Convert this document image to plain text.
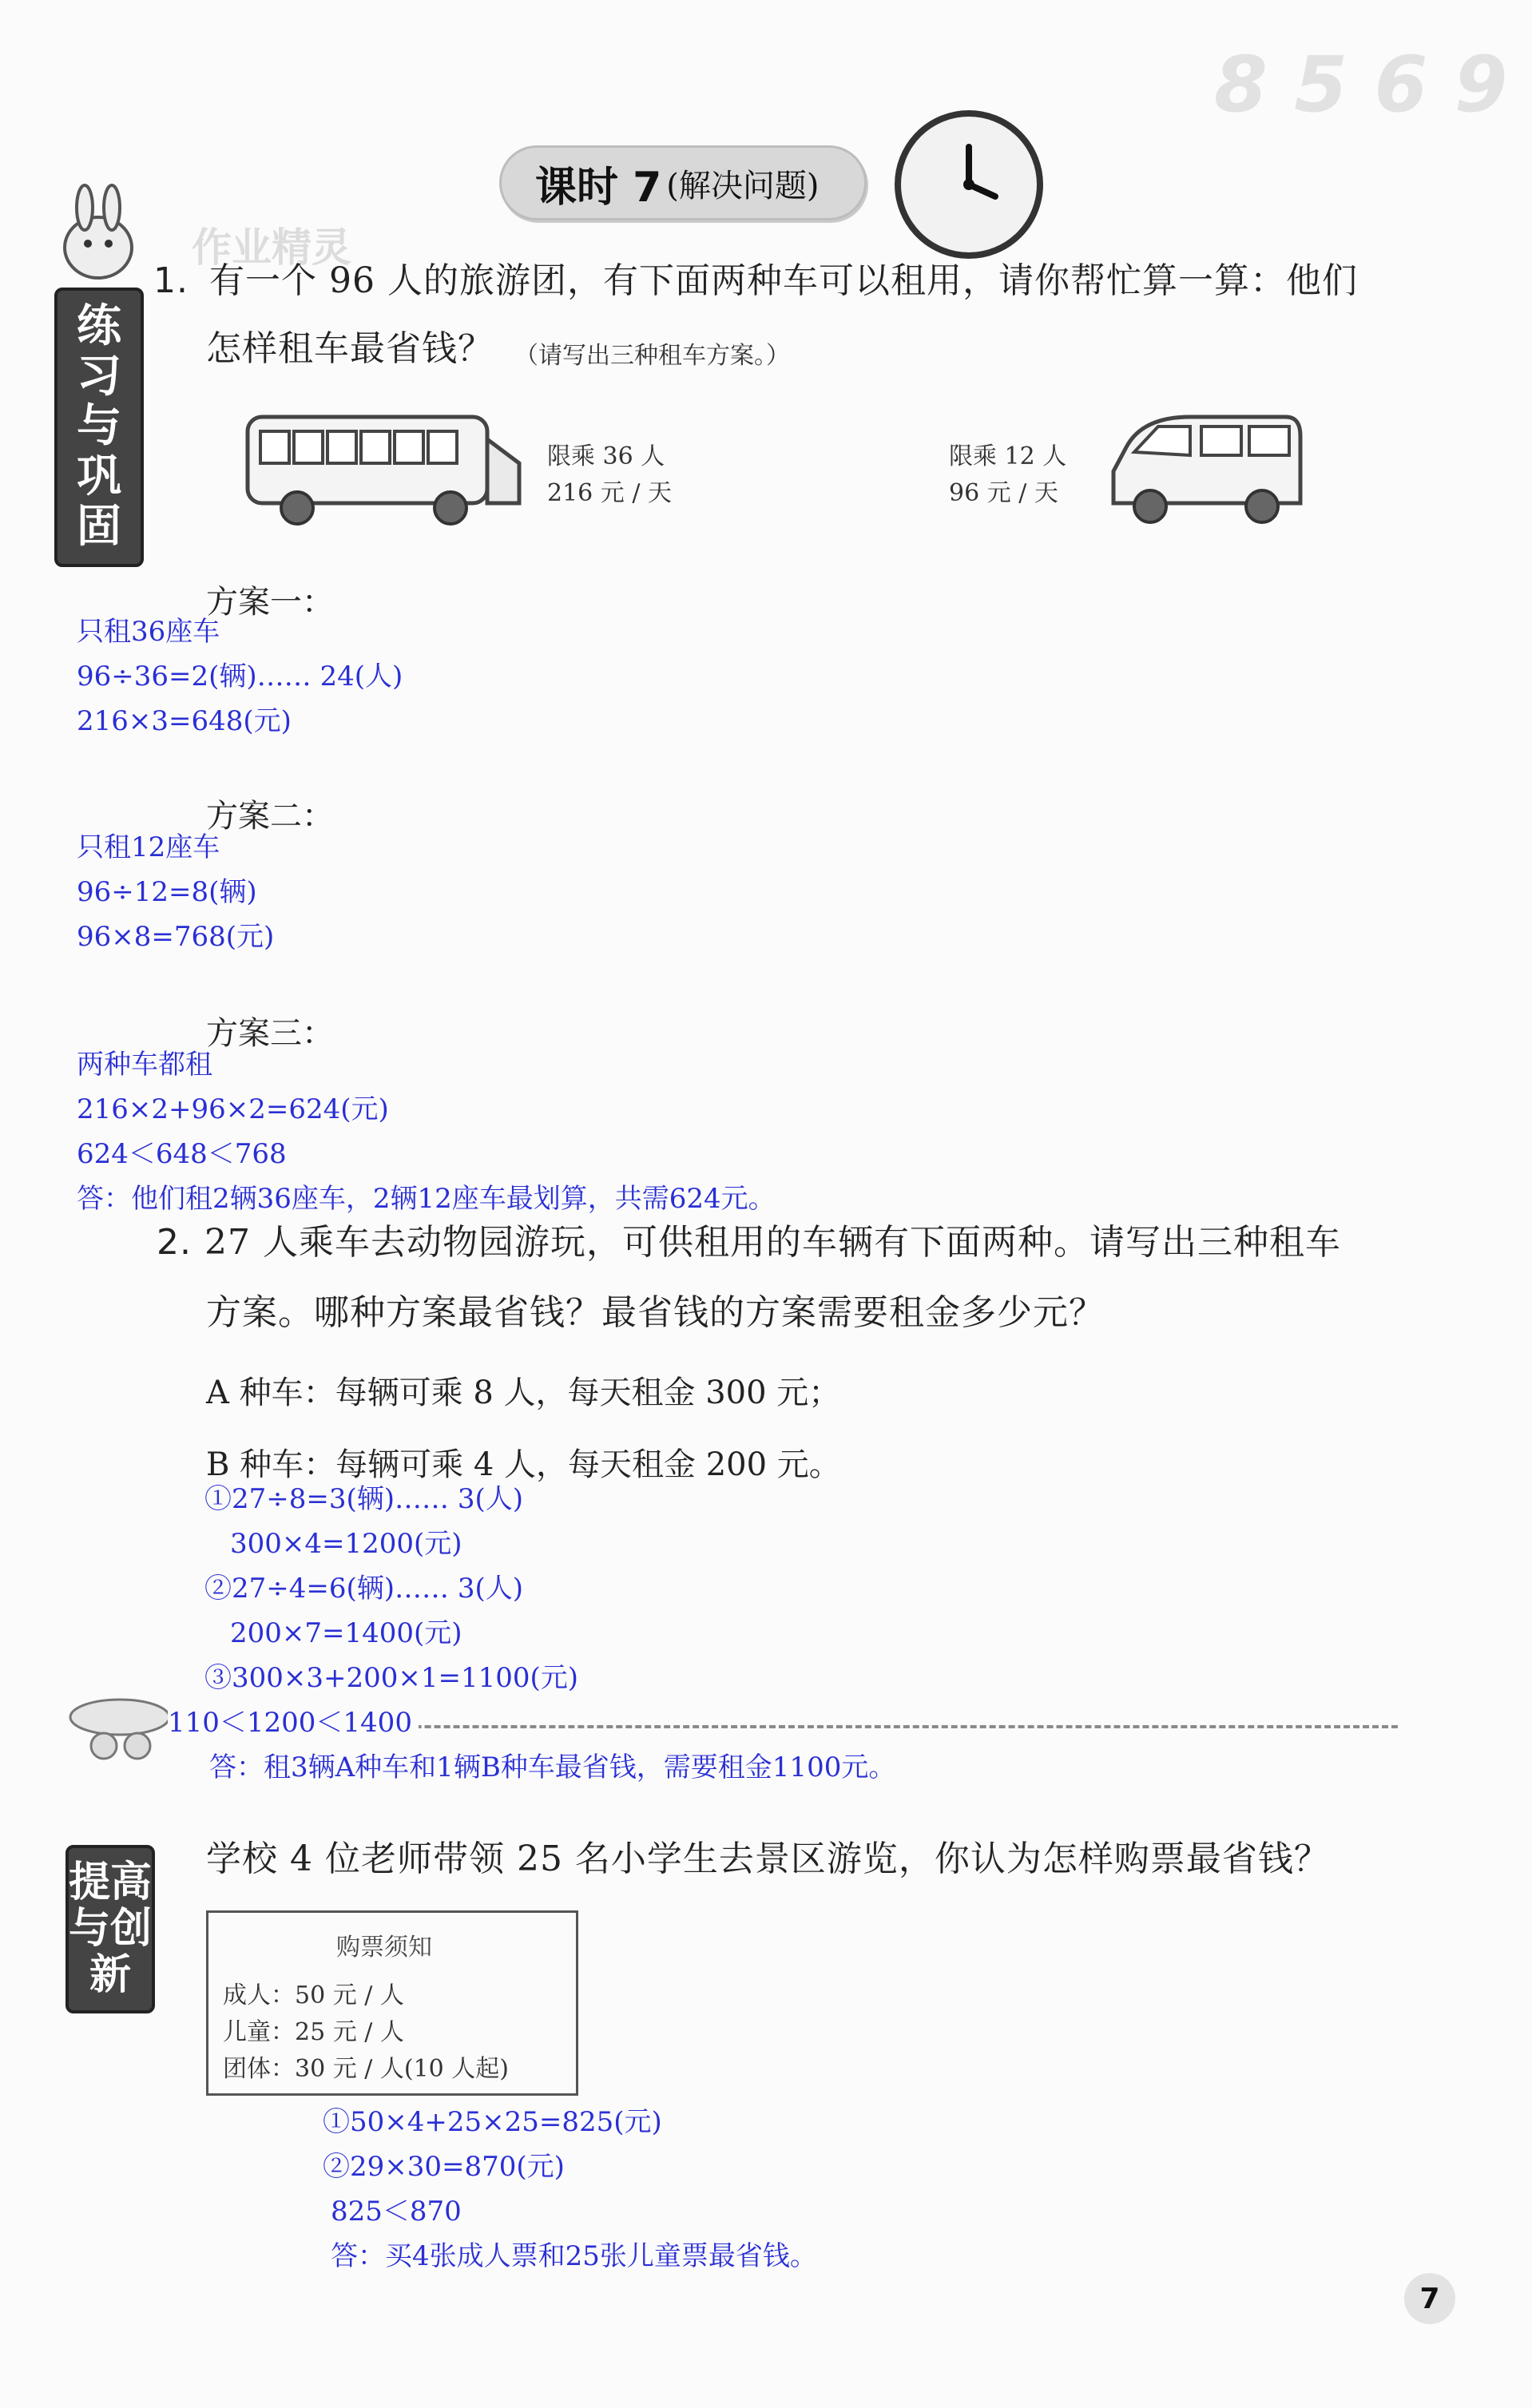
8 5 6 9
课时 7 (解决问题)
作业精灵
练习与巩固
1. 有一个 96 人的旅游团，有下面两种车可以租用，请你帮忙算一算：他们
怎样租车最省钱？ （请写出三种租车方案。）
限乘 36 人
216 元 / 天
限乘 12 人
96 元 / 天
方案一：
只租36座车
96÷36=2(辆)…… 24(人)
216×3=648(元)
方案二：
只租12座车
96÷12=8(辆)
96×8=768(元)
方案三：
两种车都租
216×2+96×2=624(元)
624＜648＜768
答：他们租2辆36座车，2辆12座车最划算，共需624元。
2. 27 人乘车去动物园游玩，可供租用的车辆有下面两种。请写出三种租车
方案。哪种方案最省钱？最省钱的方案需要租金多少元？
A 种车：每辆可乘 8 人，每天租金 300 元；
B 种车：每辆可乘 4 人，每天租金 200 元。
①27÷8=3(辆)…… 3(人)
300×4=1200(元)
②27÷4=6(辆)…… 3(人)
200×7=1400(元)
③300×3+200×1=1100(元)
110＜1200＜1400
答：租3辆A种车和1辆B种车最省钱，需要租金1100元。
提高与创新
学校 4 位老师带领 25 名小学生去景区游览，你认为怎样购票最省钱？
购票须知
成人：50 元 / 人
儿童：25 元 / 人
团体：30 元 / 人(10 人起)
①50×4+25×25=825(元)
②29×30=870(元)
825＜870
答：买4张成人票和25张儿童票最省钱。
7
